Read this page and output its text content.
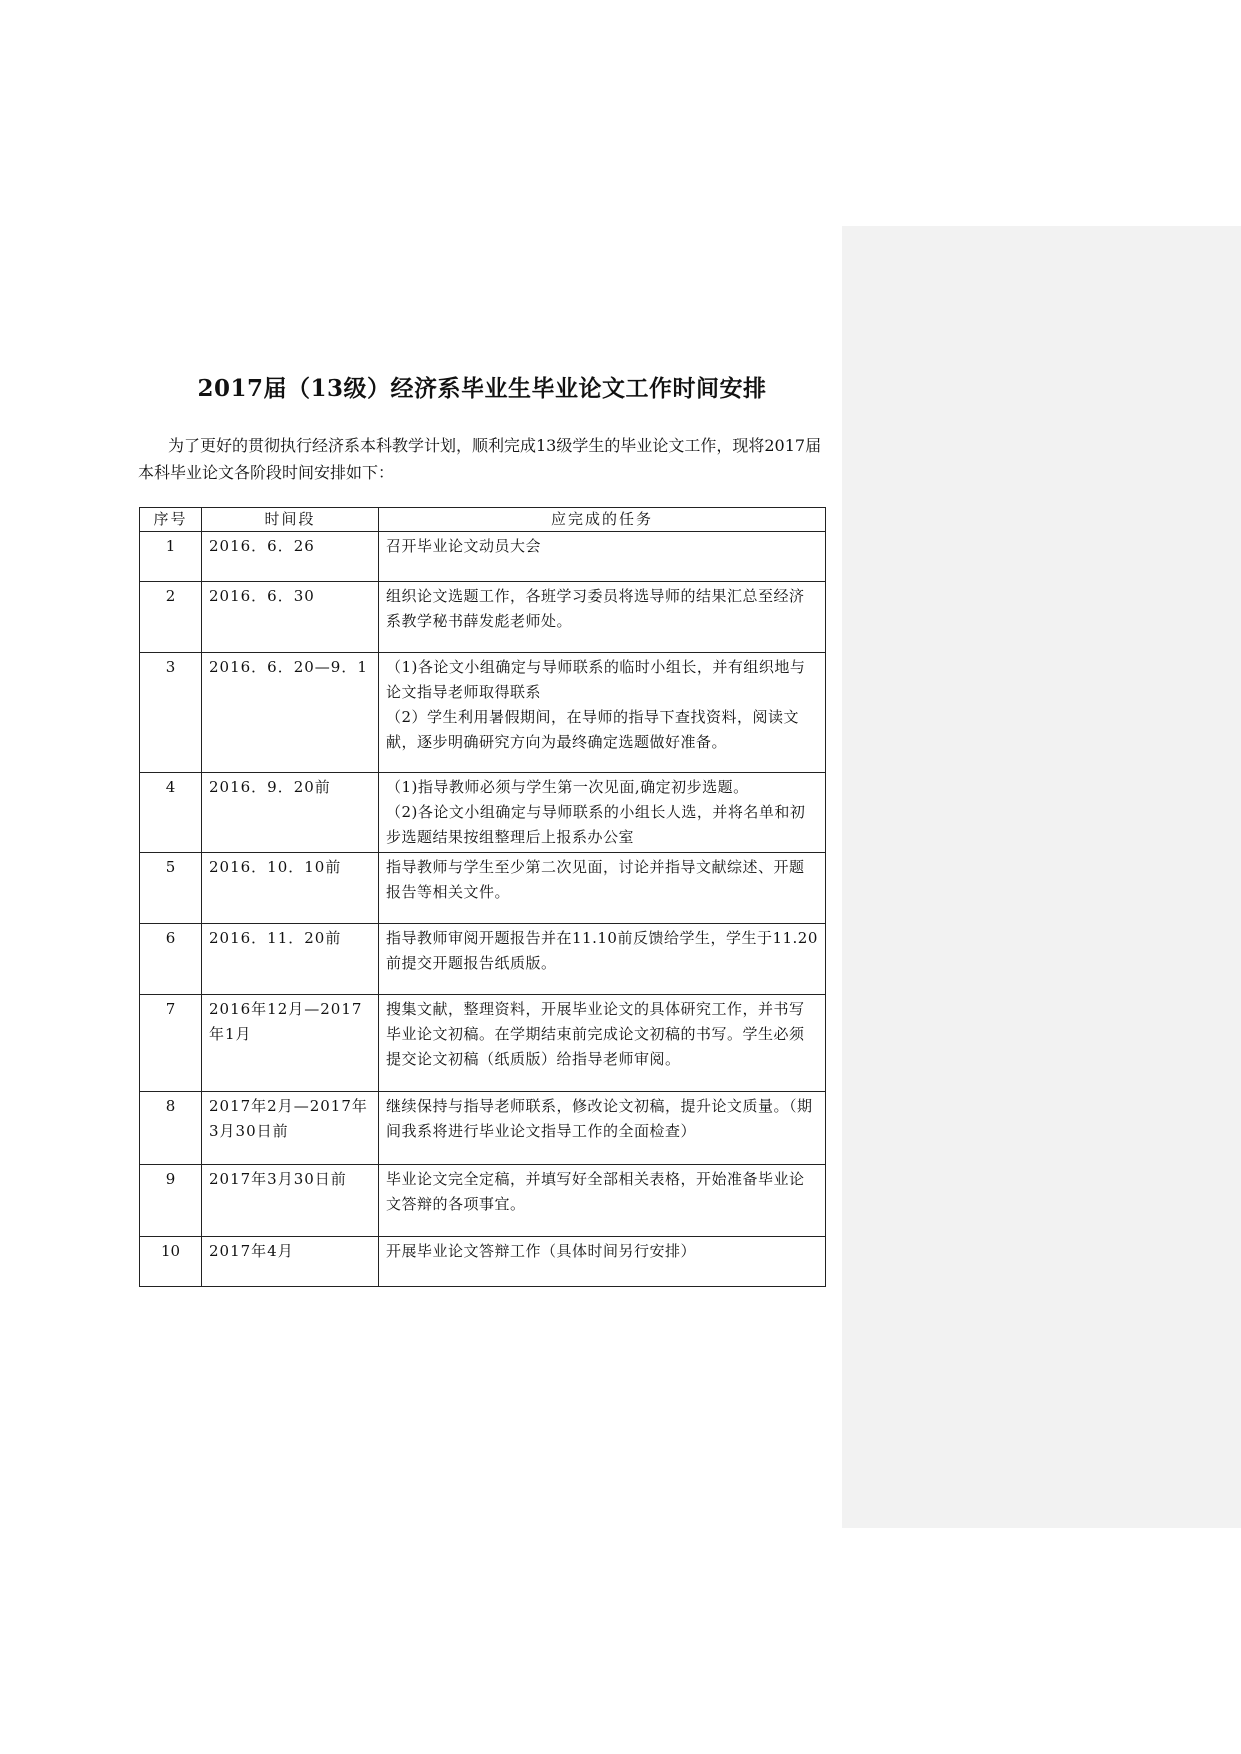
2017届（13级）经济系毕业生毕业论文工作时间安排

为了更好的贯彻执行经济系本科教学计划，顺利完成13级学生的毕业论文工作，现将2017届本科毕业论文各阶段时间安排如下：

序号	时间段	应完成的任务
1	2016．6．26	召开毕业论文动员大会

2	2016．6．30	组织论文选题工作，各班学习委员将选导师的结果汇总至经济系教学秘书薛发彪老师处。

3	2016．6．20—9．1	（1)各论文小组确定与导师联系的临时小组长，并有组织地与论文指导老师取得联系
（2）学生利用暑假期间，在导师的指导下查找资料，阅读文献，逐步明确研究方向为最终确定选题做好准备。

4	2016．9．20前	（1)指导教师必须与学生第一次见面,确定初步选题。
（2)各论文小组确定与导师联系的小组长人选，并将名单和初步选题结果按组整理后上报系办公室

5	2016．10．10前	指导教师与学生至少第二次见面，讨论并指导文献综述、开题报告等相关文件。

6	2016．11．20前	指导教师审阅开题报告并在11.10前反馈给学生，学生于11.20前提交开题报告纸质版。

7	2016年12月—2017年1月	搜集文献，整理资料，开展毕业论文的具体研究工作，并书写毕业论文初稿。在学期结束前完成论文初稿的书写。学生必须提交论文初稿（纸质版）给指导老师审阅。

8	2017年2月—2017年3月30日前	继续保持与指导老师联系，修改论文初稿，提升论文质量。（期间我系将进行毕业论文指导工作的全面检查）

9	2017年3月30日前	毕业论文完全定稿，并填写好全部相关表格，开始准备毕业论文答辩的各项事宜。

10	2017年4月	开展毕业论文答辩工作（具体时间另行安排）
